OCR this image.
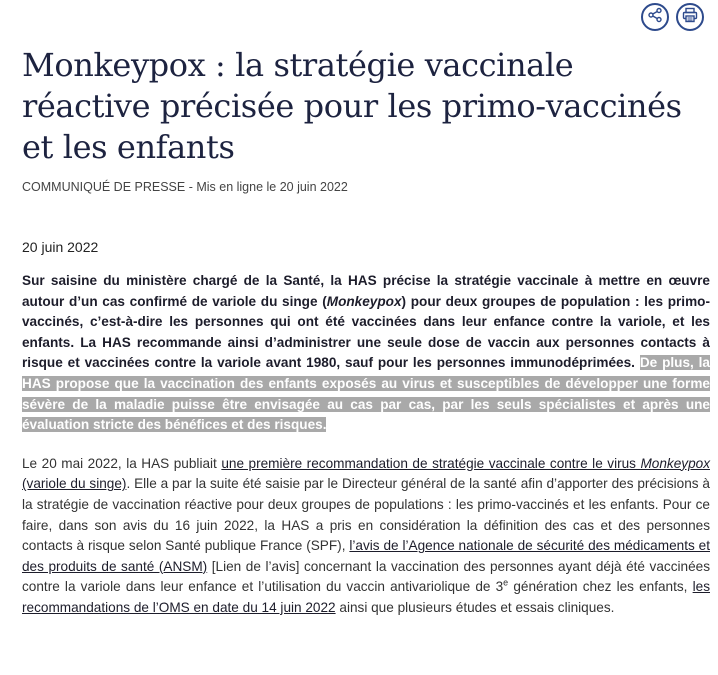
Monkeypox : la stratégie vaccinale réactive précisée pour les primo-vaccinés et les enfants
COMMUNIQUÉ DE PRESSE - Mis en ligne le 20 juin 2022
20 juin 2022

Sur saisine du ministère chargé de la Santé, la HAS précise la stratégie vaccinale à mettre en œuvre autour d’un cas confirmé de variole du singe (Monkeypox) pour deux groupes de population : les primo-vaccinés, c’est-à-dire les personnes qui ont été vaccinées dans leur enfance contre la variole, et les enfants. La HAS recommande ainsi d’administrer une seule dose de vaccin aux personnes contacts à risque et vaccinées contre la variole avant 1980, sauf pour les personnes immunodéprimées. De plus, la HAS propose que la vaccination des enfants exposés au virus et susceptibles de développer une forme sévère de la maladie puisse être envisagée au cas par cas, par les seuls spécialistes et après une évaluation stricte des bénéfices et des risques.

Le 20 mai 2022, la HAS publiait une première recommandation de stratégie vaccinale contre le virus Monkeypox (variole du singe). Elle a par la suite été saisie par le Directeur général de la santé afin d’apporter des précisions à la stratégie de vaccination réactive pour deux groupes de populations : les primo-vaccinés et les enfants. Pour ce faire, dans son avis du 16 juin 2022, la HAS a pris en considération la définition des cas et des personnes contacts à risque selon Santé publique France (SPF), l’avis de l’Agence nationale de sécurité des médicaments et des produits de santé (ANSM) [Lien de l’avis] concernant la vaccination des personnes ayant déjà été vaccinées contre la variole dans leur enfance et l’utilisation du vaccin antivariolique de 3e génération chez les enfants, les recommandations de l’OMS en date du 14 juin 2022 ainsi que plusieurs études et essais cliniques.
